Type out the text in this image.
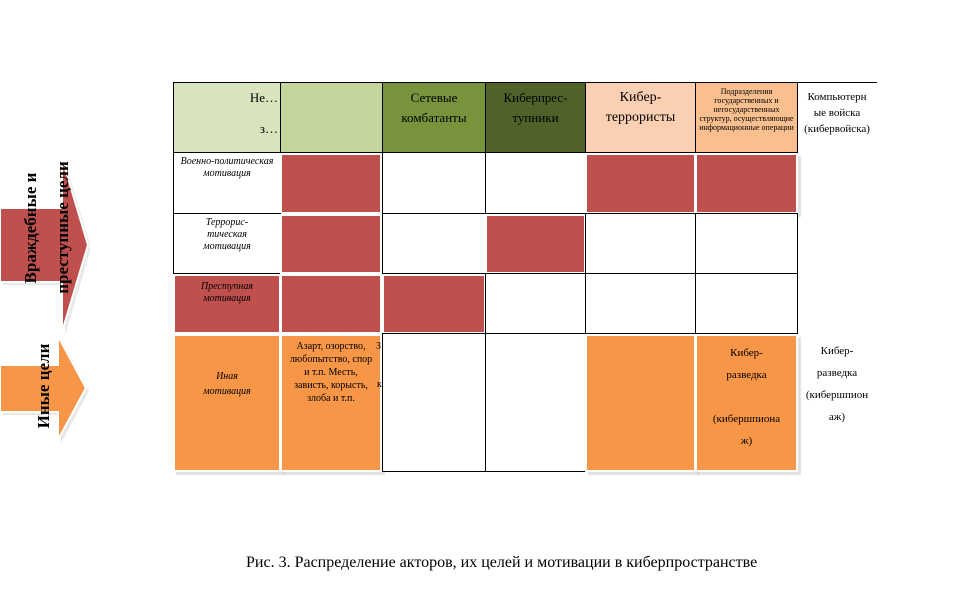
Не…
з…
Сетевые
комбатанты
Киберпрес-
тупники
Кибер-
террористы
Подразделения государственных и негосударственных структур, осуществляющие информационные операции
Компьютерн
ые войска
(кибервойска)
Военно-политическая мотивация
Террорис-тическая мотивация
Преступная мотивация
Иная мотивация
Азарт, озорство, любопытство, спор и т.п. Месть, зависть, корысть, злоба и т.п.
З
к
Кибер-
разведка
(кибершпиона
ж)
Кибер-
разведка
(кибершпион
аж)
Враждебные и преступные цели
Иные цели
Рис. 3. Распределение акторов, их целей и мотивации в киберпространстве
